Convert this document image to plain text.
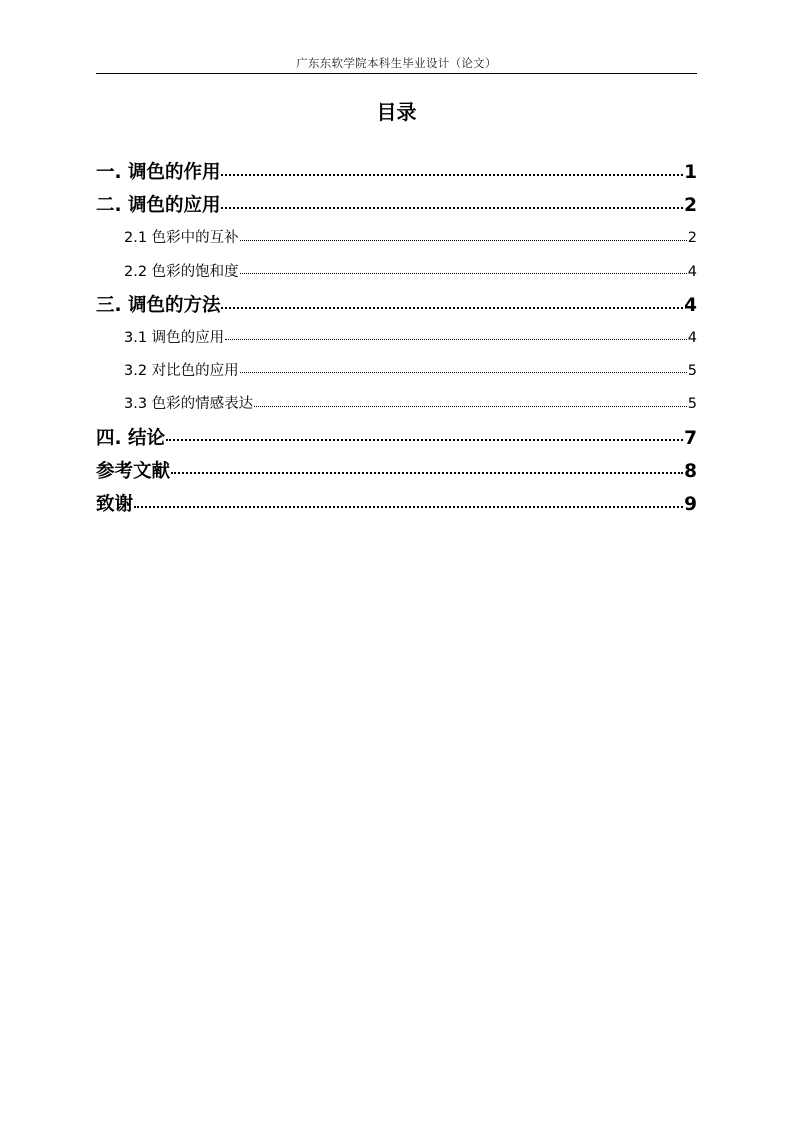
广东东软学院本科生毕业设计（论文）
目录
一. 调色的作用	1
二. 调色的应用	2
2.1 色彩中的互补	2
2.2 色彩的饱和度	4
三. 调色的方法	4
3.1 调色的应用	4
3.2 对比色的应用	5
3.3 色彩的情感表达	5
四. 结论	7
参考文献	8
致谢	9
